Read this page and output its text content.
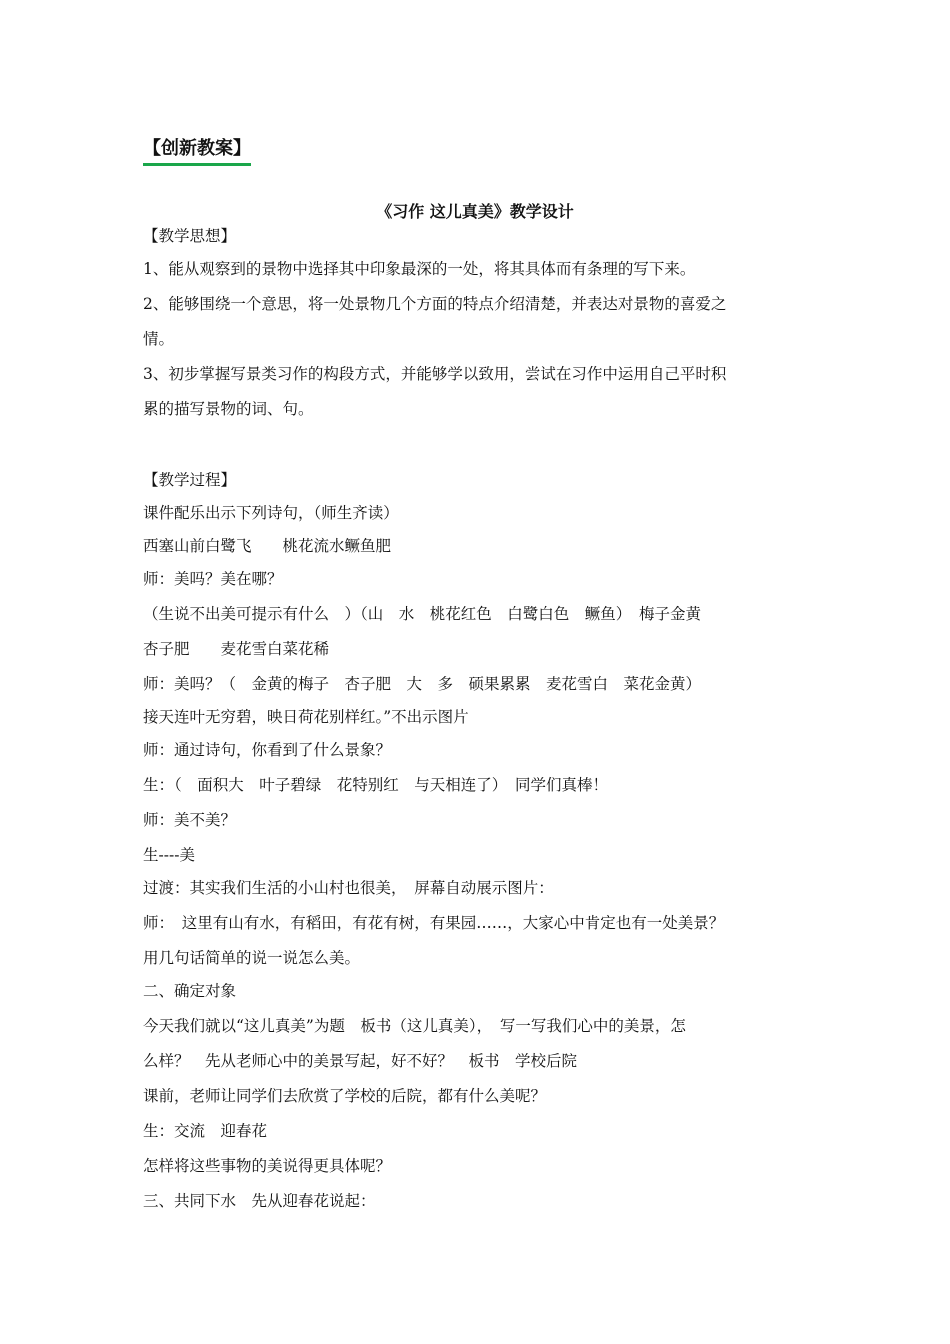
【创新教案】
《习作 这儿真美》教学设计
【教学思想】
1、能从观察到的景物中选择其中印象最深的一处，将其具体而有条理的写下来。
2、能够围绕一个意思，将一处景物几个方面的特点介绍清楚，并表达对景物的喜爱之
情。
3、初步掌握写景类习作的构段方式，并能够学以致用，尝试在习作中运用自己平时积
累的描写景物的词、句。
【教学过程】
课件配乐出示下列诗句，（师生齐读）
西塞山前白鹭飞　　桃花流水鳜鱼肥
师：美吗？美在哪？
（生说不出美可提示有什么　）（山　水　桃花红色　白鹭白色　鳜鱼）　梅子金黄
杏子肥　　麦花雪白菜花稀
师：美吗？（　金黄的梅子　杏子肥　大　多　硕果累累　麦花雪白　菜花金黄）
接天连叶无穷碧，映日荷花别样红。”不出示图片
师：通过诗句，你看到了什么景象？
生：（　面积大　叶子碧绿　花特别红　与天相连了）　同学们真棒！
师：美不美？
生----美
过渡：其实我们生活的小山村也很美，　屏幕自动展示图片：
师：　这里有山有水，有稻田，有花有树，有果园……，大家心中肯定也有一处美景？
用几句话简单的说一说怎么美。
二、确定对象
今天我们就以“这儿真美”为题　板书（这儿真美），　写一写我们心中的美景，怎
么样？　先从老师心中的美景写起，好不好？　板书　学校后院
课前，老师让同学们去欣赏了学校的后院，都有什么美呢？
生：交流　迎春花
怎样将这些事物的美说得更具体呢？
三、共同下水　先从迎春花说起：
